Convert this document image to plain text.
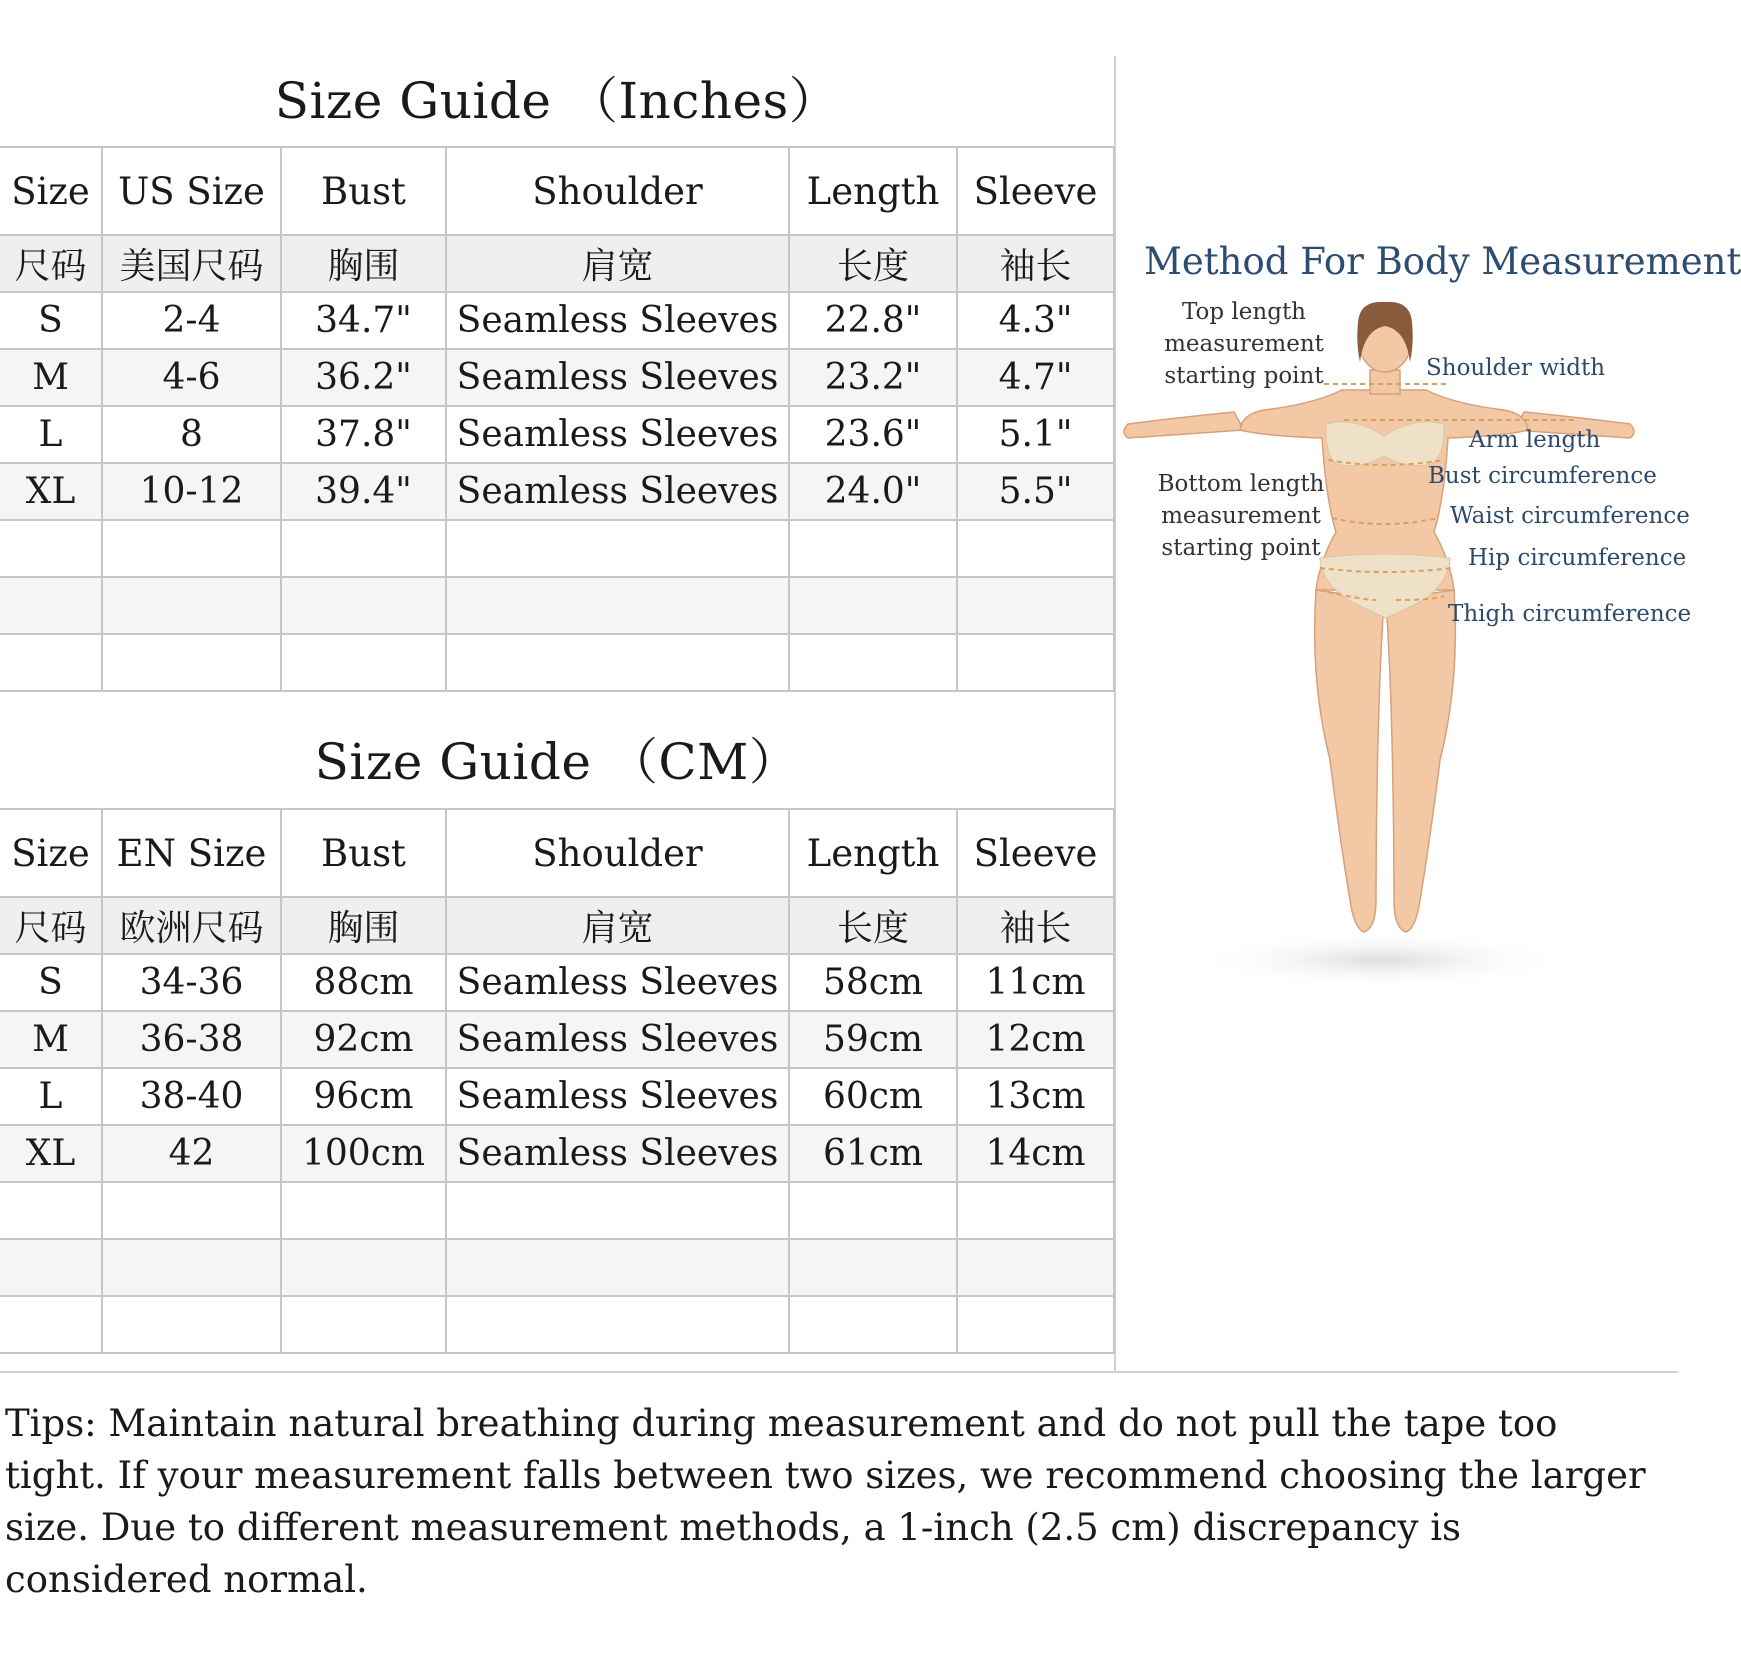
Size Guide （Inches）
Size	US Size	Bust	Shoulder	Length	Sleeve
尺码	美国尺码	胸围	肩宽	长度	袖长
S	2-4	34.7"	Seamless Sleeves	22.8"	4.3"
M	4-6	36.2"	Seamless Sleeves	23.2"	4.7"
L	8	37.8"	Seamless Sleeves	23.6"	5.1"
XL	10-12	39.4"	Seamless Sleeves	24.0"	5.5"

Size Guide （CM）
Size	EN Size	Bust	Shoulder	Length	Sleeve
尺码	欧洲尺码	胸围	肩宽	长度	袖长
S	34-36	88cm	Seamless Sleeves	58cm	11cm
M	36-38	92cm	Seamless Sleeves	59cm	12cm
L	38-40	96cm	Seamless Sleeves	60cm	13cm
XL	42	100cm	Seamless Sleeves	61cm	14cm

Method For Body Measurement
Top length
measurement
starting point	Shoulder width
Arm length
Bust circumference
Bottom length
measurement
starting point
Waist circumference
Hip circumference
Thigh circumference
Tips: Maintain natural breathing during measurement and do not pull the tape too tight. If your measurement falls between two sizes, we recommend choosing the larger size. Due to different measurement methods, a 1-inch (2.5 cm) discrepancy is considered normal.
